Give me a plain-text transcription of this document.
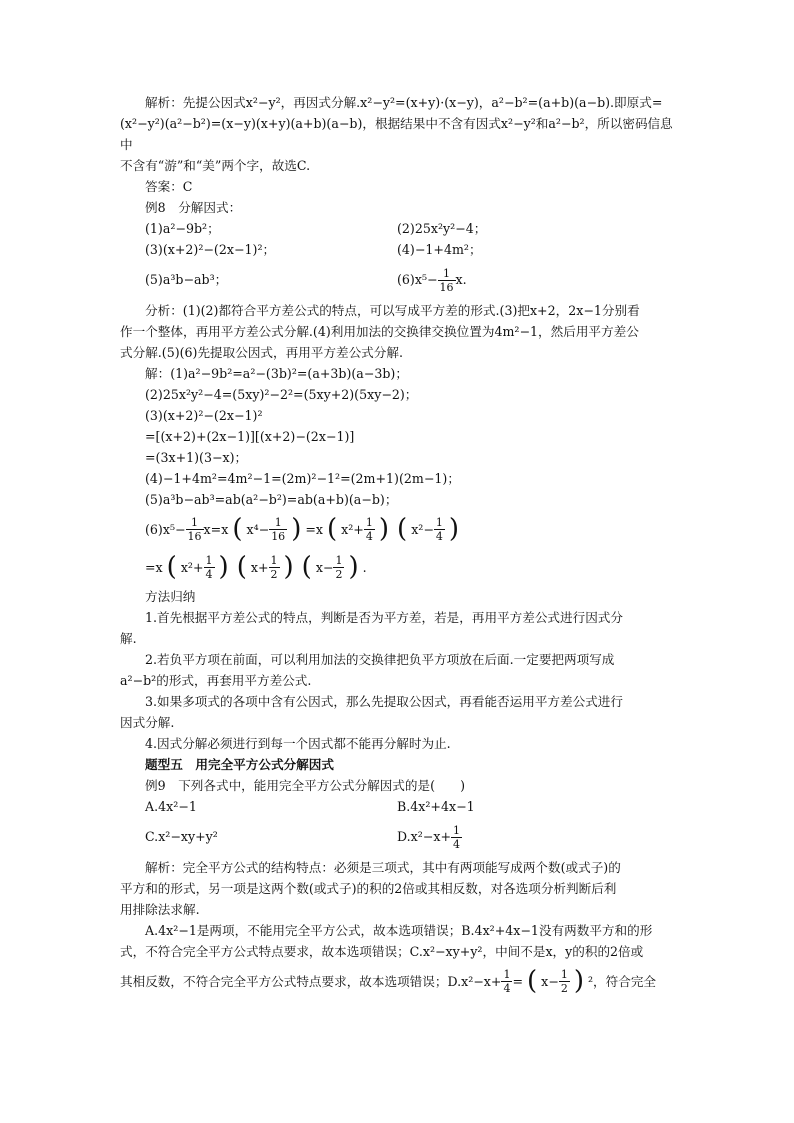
解析：先提公因式x²−y²，再因式分解.x²−y²=(x+y)·(x−y)，a²−b²=(a+b)(a−b).即原式=

(x²−y²)(a²−b²)=(x−y)(x+y)(a+b)(a−b)，根据结果中不含有因式x²−y²和a²−b²，所以密码信息中

不含有“游”和“美”两个字，故选C.

答案：C

例8　分解因式：

(1)a²−9b²；	(2)25x²y²−4；
(3)(x+2)²−(2x−1)²；	(4)−1+4m²；
(5)a³b−ab³；	$(6)x^5- \frac{1}{16} x$.

分析：(1)(2)都符合平方差公式的特点，可以写成平方差的形式.(3)把x+2，2x−1分别看

作一个整体，再用平方差公式分解.(4)利用加法的交换律交换位置为4m²−1，然后用平方差公

式分解.(5)(6)先提取公因式，再用平方差公式分解.

解：(1)a²−9b²=a²−(3b)²=(a+3b)(a−3b)；

(2)25x²y²−4=(5xy)²−2²=(5xy+2)(5xy−2)；

(3)(x+2)²−(2x−1)²

=[(x+2)+(2x−1)][(x+2)−(2x−1)]

=(3x+1)(3−x)；

(4)−1+4m²=4m²−1=(2m)²−1²=(2m+1)(2m−1)；

(5)a³b−ab³=ab(a²−b²)=ab(a+b)(a−b)；

$(6)x^5- \frac{1}{16} x=x$ ( $x^4- \frac{1}{16}$ ) =x ( $x^2+ \frac{1}{4}$ ) ( $x^2- \frac{1}{4}$ )
=x ( $x^2+ \frac{1}{4}$ ) ( $x+ \frac{1}{2}$ ) ( $x- \frac{1}{2}$ ) .

方法归纳

1.首先根据平方差公式的特点，判断是否为平方差，若是，再用平方差公式进行因式分

解.

2.若负平方项在前面，可以利用加法的交换律把负平方项放在后面.一定要把两项写成

a²−b²的形式，再套用平方差公式.

3.如果多项式的各项中含有公因式，那么先提取公因式，再看能否运用平方差公式进行

因式分解.

4.因式分解必须进行到每一个因式都不能再分解时为止.

题型五　用完全平方公式分解因式

例9　下列各式中，能用完全平方公式分解因式的是(　　)

A.4x²−1	B.4x²+4x−1
C.x²−xy+y²	$D.x^2-x+ \frac{1}{4}$

解析：完全平方公式的结构特点：必须是三项式，其中有两项能写成两个数(或式子)的

平方和的形式，另一项是这两个数(或式子)的积的2倍或其相反数，对各选项分析判断后利

用排除法求解.

A.4x²−1是两项，不能用完全平方公式，故本选项错误；B.4x²+4x−1没有两数平方和的形

式，不符合完全平方公式特点要求，故本选项错误；C.x²−xy+y²，中间不是x，y的积的2倍或

其相反数，不符合完全平方公式特点要求，故本选项错误；$D.x^2-x+ \frac{1}{4}$ = ( $x- \frac{1}{2}$ ) ²，符合完全
